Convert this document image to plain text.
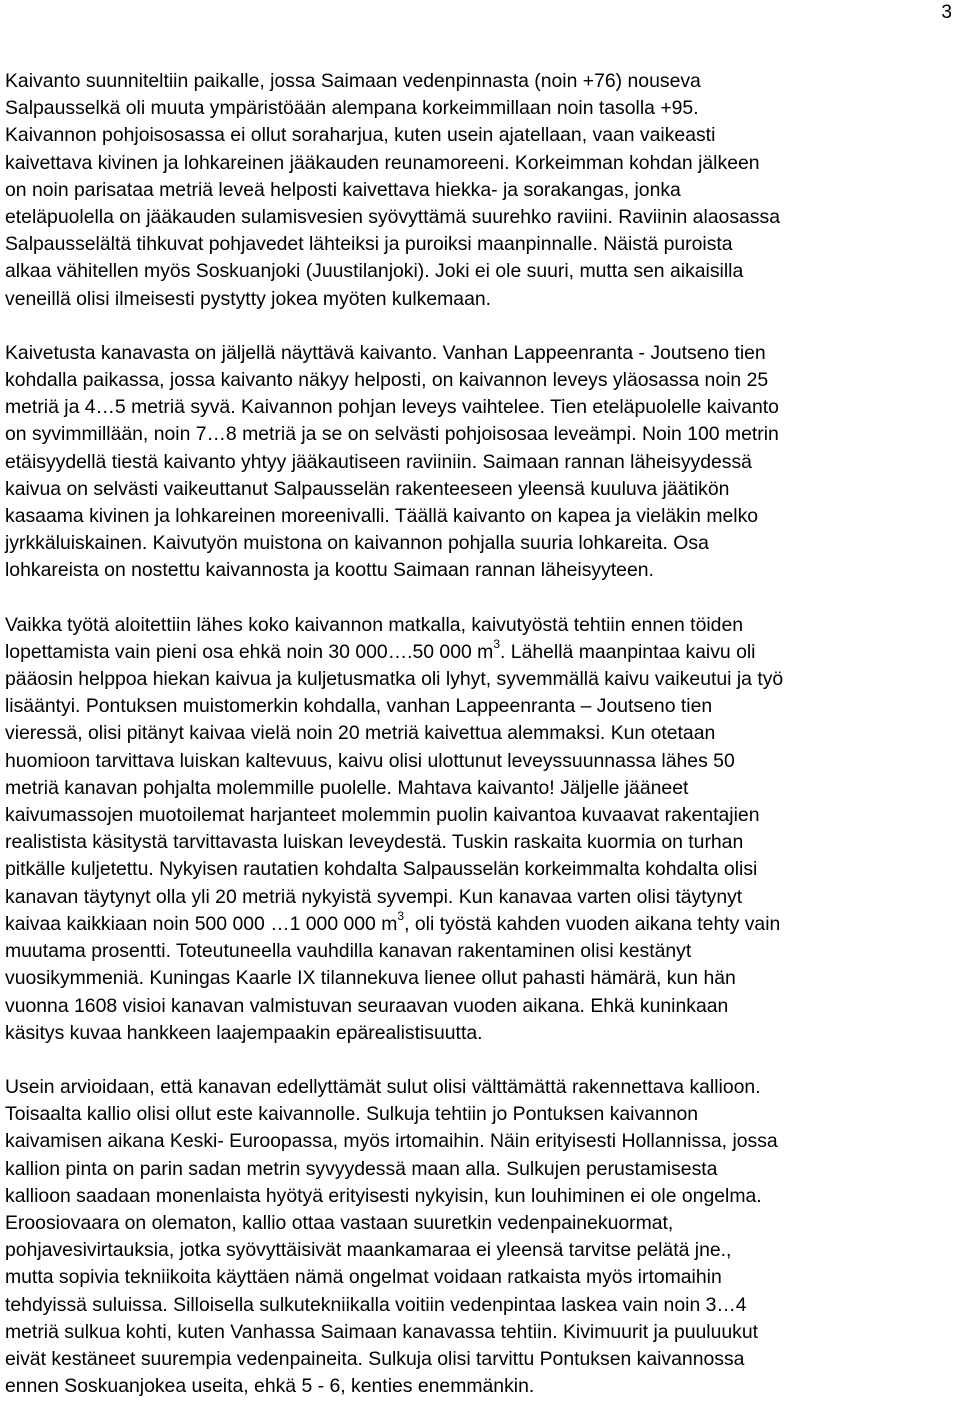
3
Kaivanto suunniteltiin paikalle, jossa Saimaan vedenpinnasta (noin +76) nouseva
Salpausselkä oli muuta ympäristöään alempana korkeimmillaan noin tasolla +95.
Kaivannon pohjoisosassa ei ollut soraharjua, kuten usein ajatellaan, vaan vaikeasti
kaivettava kivinen ja lohkareinen jääkauden reunamoreeni. Korkeimman kohdan jälkeen
on noin parisataa metriä leveä helposti kaivettava hiekka- ja sorakangas, jonka
eteläpuolella on jääkauden sulamisvesien syövyttämä suurehko raviini. Raviinin alaosassa
Salpausselältä tihkuvat pohjavedet lähteiksi ja puroiksi maanpinnalle. Näistä puroista
alkaa vähitellen myös Soskuanjoki (Juustilanjoki). Joki ei ole suuri, mutta sen aikaisilla
veneillä olisi ilmeisesti pystytty jokea myöten kulkemaan.
Kaivetusta kanavasta on jäljellä näyttävä kaivanto. Vanhan Lappeenranta - Joutseno tien
kohdalla paikassa, jossa kaivanto näkyy helposti, on kaivannon leveys yläosassa noin 25
metriä ja 4…5 metriä syvä. Kaivannon pohjan leveys vaihtelee. Tien eteläpuolelle kaivanto
on syvimmillään, noin 7…8 metriä ja se on selvästi pohjoisosaa leveämpi. Noin 100 metrin
etäisyydellä tiestä kaivanto yhtyy jääkautiseen raviiniin. Saimaan rannan läheisyydessä
kaivua on selvästi vaikeuttanut Salpausselän rakenteeseen yleensä kuuluva jäätikön
kasaama kivinen ja lohkareinen moreenivalli. Täällä kaivanto on kapea ja vieläkin melko
jyrkkäluiskainen. Kaivutyön muistona on kaivannon pohjalla suuria lohkareita. Osa
lohkareista on nostettu kaivannosta ja koottu Saimaan rannan läheisyyteen.
Vaikka työtä aloitettiin lähes koko kaivannon matkalla, kaivutyöstä tehtiin ennen töiden
lopettamista vain pieni osa ehkä noin 30 000….50 000 $m^3$. Lähellä maanpintaa kaivu oli
pääosin helppoa hiekan kaivua ja kuljetusmatka oli lyhyt, syvemmällä kaivu vaikeutui ja työ
lisääntyi. Pontuksen muistomerkin kohdalla, vanhan Lappeenranta – Joutseno tien
vieressä, olisi pitänyt kaivaa vielä noin 20 metriä kaivettua alemmaksi. Kun otetaan
huomioon tarvittava luiskan kaltevuus, kaivu olisi ulottunut leveyssuunnassa lähes 50
metriä kanavan pohjalta molemmille puolelle. Mahtava kaivanto! Jäljelle jääneet
kaivumassojen muotoilemat harjanteet molemmin puolin kaivantoa kuvaavat rakentajien
realistista käsitystä tarvittavasta luiskan leveydestä. Tuskin raskaita kuormia on turhan
pitkälle kuljetettu. Nykyisen rautatien kohdalta Salpausselän korkeimmalta kohdalta olisi
kanavan täytynyt olla yli 20 metriä nykyistä syvempi. Kun kanavaa varten olisi täytynyt
kaivaa kaikkiaan noin 500 000 …1 000 000 $m^3$, oli työstä kahden vuoden aikana tehty vain
muutama prosentti. Toteutuneella vauhdilla kanavan rakentaminen olisi kestänyt
vuosikymmeniä. Kuningas Kaarle IX tilannekuva lienee ollut pahasti hämärä, kun hän
vuonna 1608 visioi kanavan valmistuvan seuraavan vuoden aikana. Ehkä kuninkaan
käsitys kuvaa hankkeen laajempaakin epärealistisuutta.
Usein arvioidaan, että kanavan edellyttämät sulut olisi välttämättä rakennettava kallioon.
Toisaalta kallio olisi ollut este kaivannolle. Sulkuja tehtiin jo Pontuksen kaivannon
kaivamisen aikana Keski- Euroopassa, myös irtomaihin. Näin erityisesti Hollannissa, jossa
kallion pinta on parin sadan metrin syvyydessä maan alla. Sulkujen perustamisesta
kallioon saadaan monenlaista hyötyä erityisesti nykyisin, kun louhiminen ei ole ongelma.
Eroosiovaara on olematon, kallio ottaa vastaan suuretkin vedenpainekuormat,
pohjavesivirtauksia, jotka syövyttäisivät maankamaraa ei yleensä tarvitse pelätä jne.,
mutta sopivia tekniikoita käyttäen nämä ongelmat voidaan ratkaista myös irtomaihin
tehdyissä suluissa. Silloisella sulkutekniikalla voitiin vedenpintaa laskea vain noin 3…4
metriä sulkua kohti, kuten Vanhassa Saimaan kanavassa tehtiin. Kivimuurit ja puuluukut
eivät kestäneet suurempia vedenpaineita. Sulkuja olisi tarvittu Pontuksen kaivannossa
ennen Soskuanjokea useita, ehkä 5 - 6, kenties enemmänkin.
